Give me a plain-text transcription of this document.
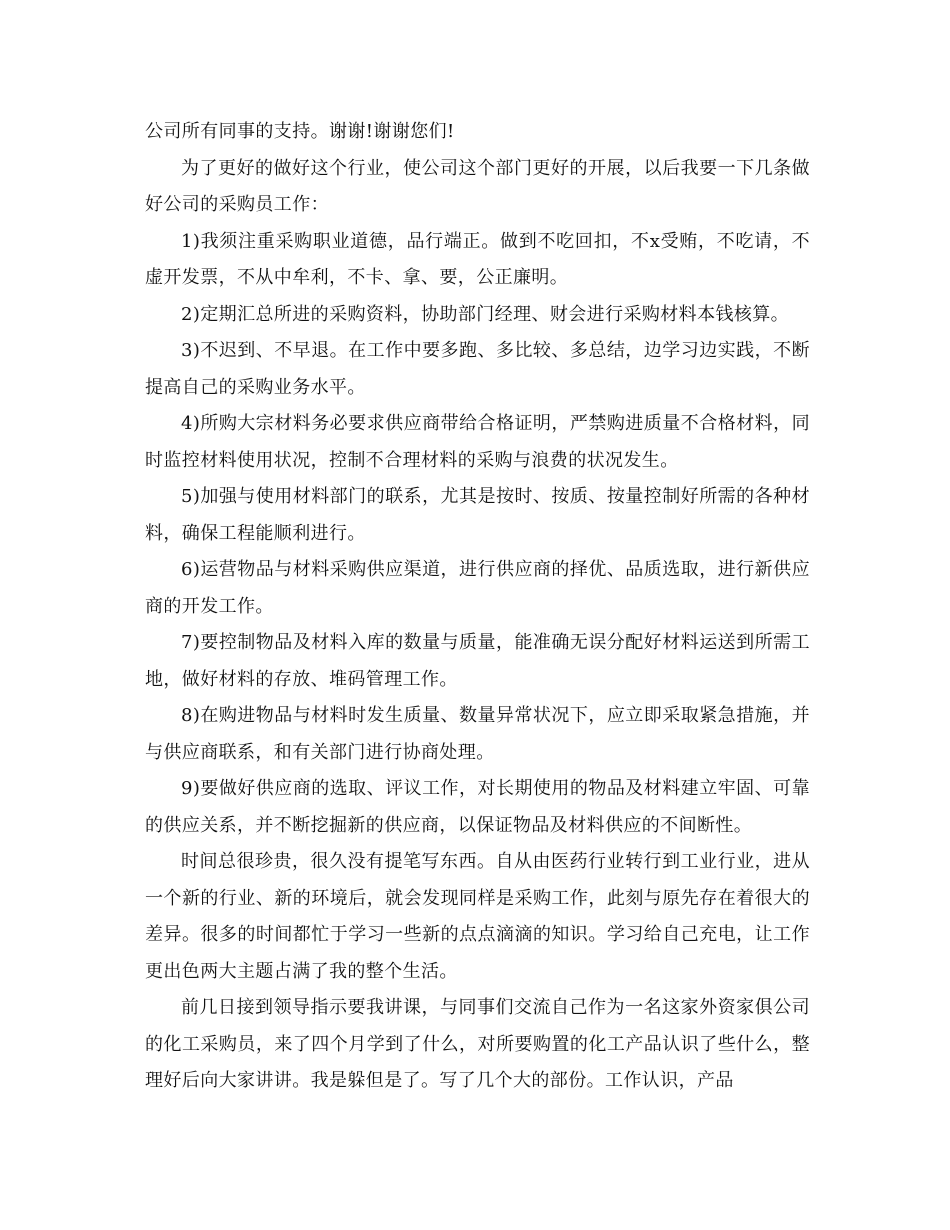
公司所有同事的支持。谢谢!谢谢您们!

为了更好的做好这个行业，使公司这个部门更好的开展，以后我要一下几条做好公司的采购员工作：

1)我须注重采购职业道德，品行端正。做到不吃回扣，不x受贿，不吃请，不虚开发票，不从中牟利，不卡、拿、要，公正廉明。

2)定期汇总所进的采购资料，协助部门经理、财会进行采购材料本钱核算。

3)不迟到、不早退。在工作中要多跑、多比较、多总结，边学习边实践，不断提高自己的采购业务水平。

4)所购大宗材料务必要求供应商带给合格证明，严禁购进质量不合格材料，同时监控材料使用状况，控制不合理材料的采购与浪费的状况发生。

5)加强与使用材料部门的联系，尤其是按时、按质、按量控制好所需的各种材料，确保工程能顺利进行。

6)运营物品与材料采购供应渠道，进行供应商的择优、品质选取，进行新供应商的开发工作。

7)要控制物品及材料入库的数量与质量，能准确无误分配好材料运送到所需工地，做好材料的存放、堆码管理工作。

8)在购进物品与材料时发生质量、数量异常状况下，应立即采取紧急措施，并与供应商联系，和有关部门进行协商处理。

9)要做好供应商的选取、评议工作，对长期使用的物品及材料建立牢固、可靠的供应关系，并不断挖掘新的供应商，以保证物品及材料供应的不间断性。

时间总很珍贵，很久没有提笔写东西。自从由医药行业转行到工业行业，进从一个新的行业、新的环境后，就会发现同样是采购工作，此刻与原先存在着很大的差异。很多的时间都忙于学习一些新的点点滴滴的知识。学习给自己充电，让工作更出色两大主题占满了我的整个生活。

前几日接到领导指示要我讲课，与同事们交流自己作为一名这家外资家俱公司的化工采购员，来了四个月学到了什么，对所要购置的化工产品认识了些什么，整理好后向大家讲讲。我是躲但是了。写了几个大的部份。工作认识，产品
